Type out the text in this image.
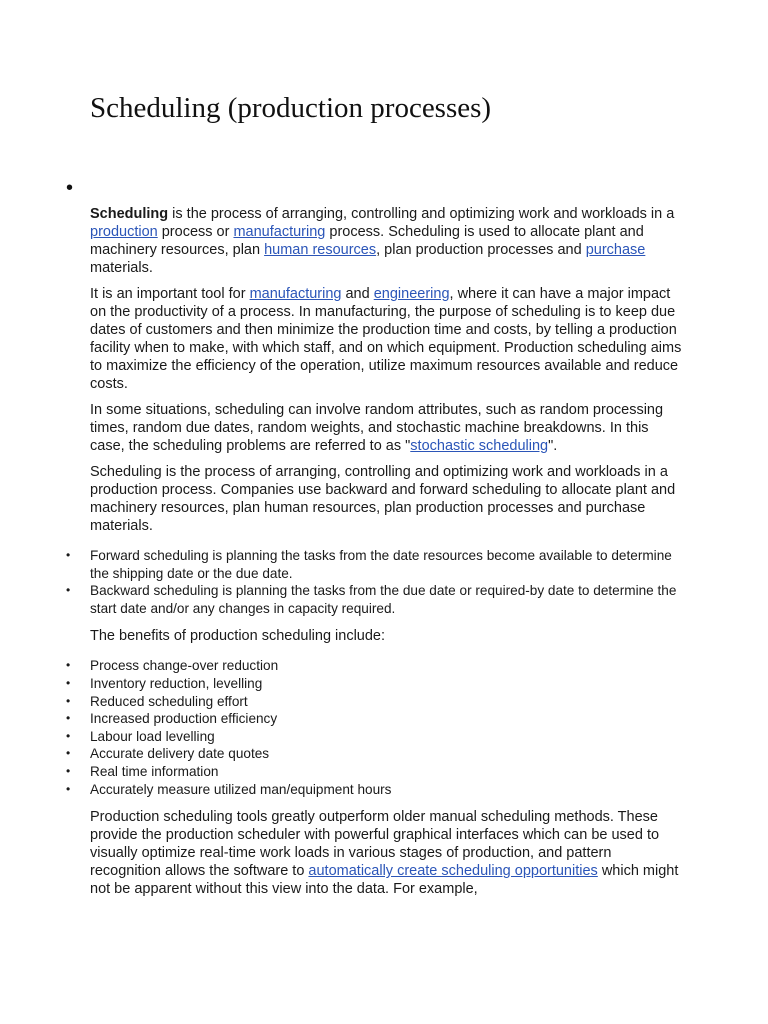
Scheduling (production processes)
•

Scheduling is the process of arranging, controlling and optimizing work and workloads in a production process or manufacturing process. Scheduling is used to allocate plant and machinery resources, plan human resources, plan production processes and purchase materials.

It is an important tool for manufacturing and engineering, where it can have a major impact on the productivity of a process. In manufacturing, the purpose of scheduling is to keep due dates of customers and then minimize the production time and costs, by telling a production facility when to make, with which staff, and on which equipment. Production scheduling aims to maximize the efficiency of the operation, utilize maximum resources available and reduce costs.

In some situations, scheduling can involve random attributes, such as random processing times, random due dates, random weights, and stochastic machine breakdowns. In this case, the scheduling problems are referred to as "stochastic scheduling".

Scheduling is the process of arranging, controlling and optimizing work and workloads in a production process. Companies use backward and forward scheduling to allocate plant and machinery resources, plan human resources, plan production processes and purchase materials.

• Forward scheduling is planning the tasks from the date resources become available to determine the shipping date or the due date.
• Backward scheduling is planning the tasks from the due date or required-by date to determine the start date and/or any changes in capacity required.

The benefits of production scheduling include:

• Process change-over reduction
• Inventory reduction, levelling
• Reduced scheduling effort
• Increased production efficiency
• Labour load levelling
• Accurate delivery date quotes
• Real time information
• Accurately measure utilized man/equipment hours

Production scheduling tools greatly outperform older manual scheduling methods. These provide the production scheduler with powerful graphical interfaces which can be used to visually optimize real-time work loads in various stages of production, and pattern recognition allows the software to automatically create scheduling opportunities which might not be apparent without this view into the data. For example,
